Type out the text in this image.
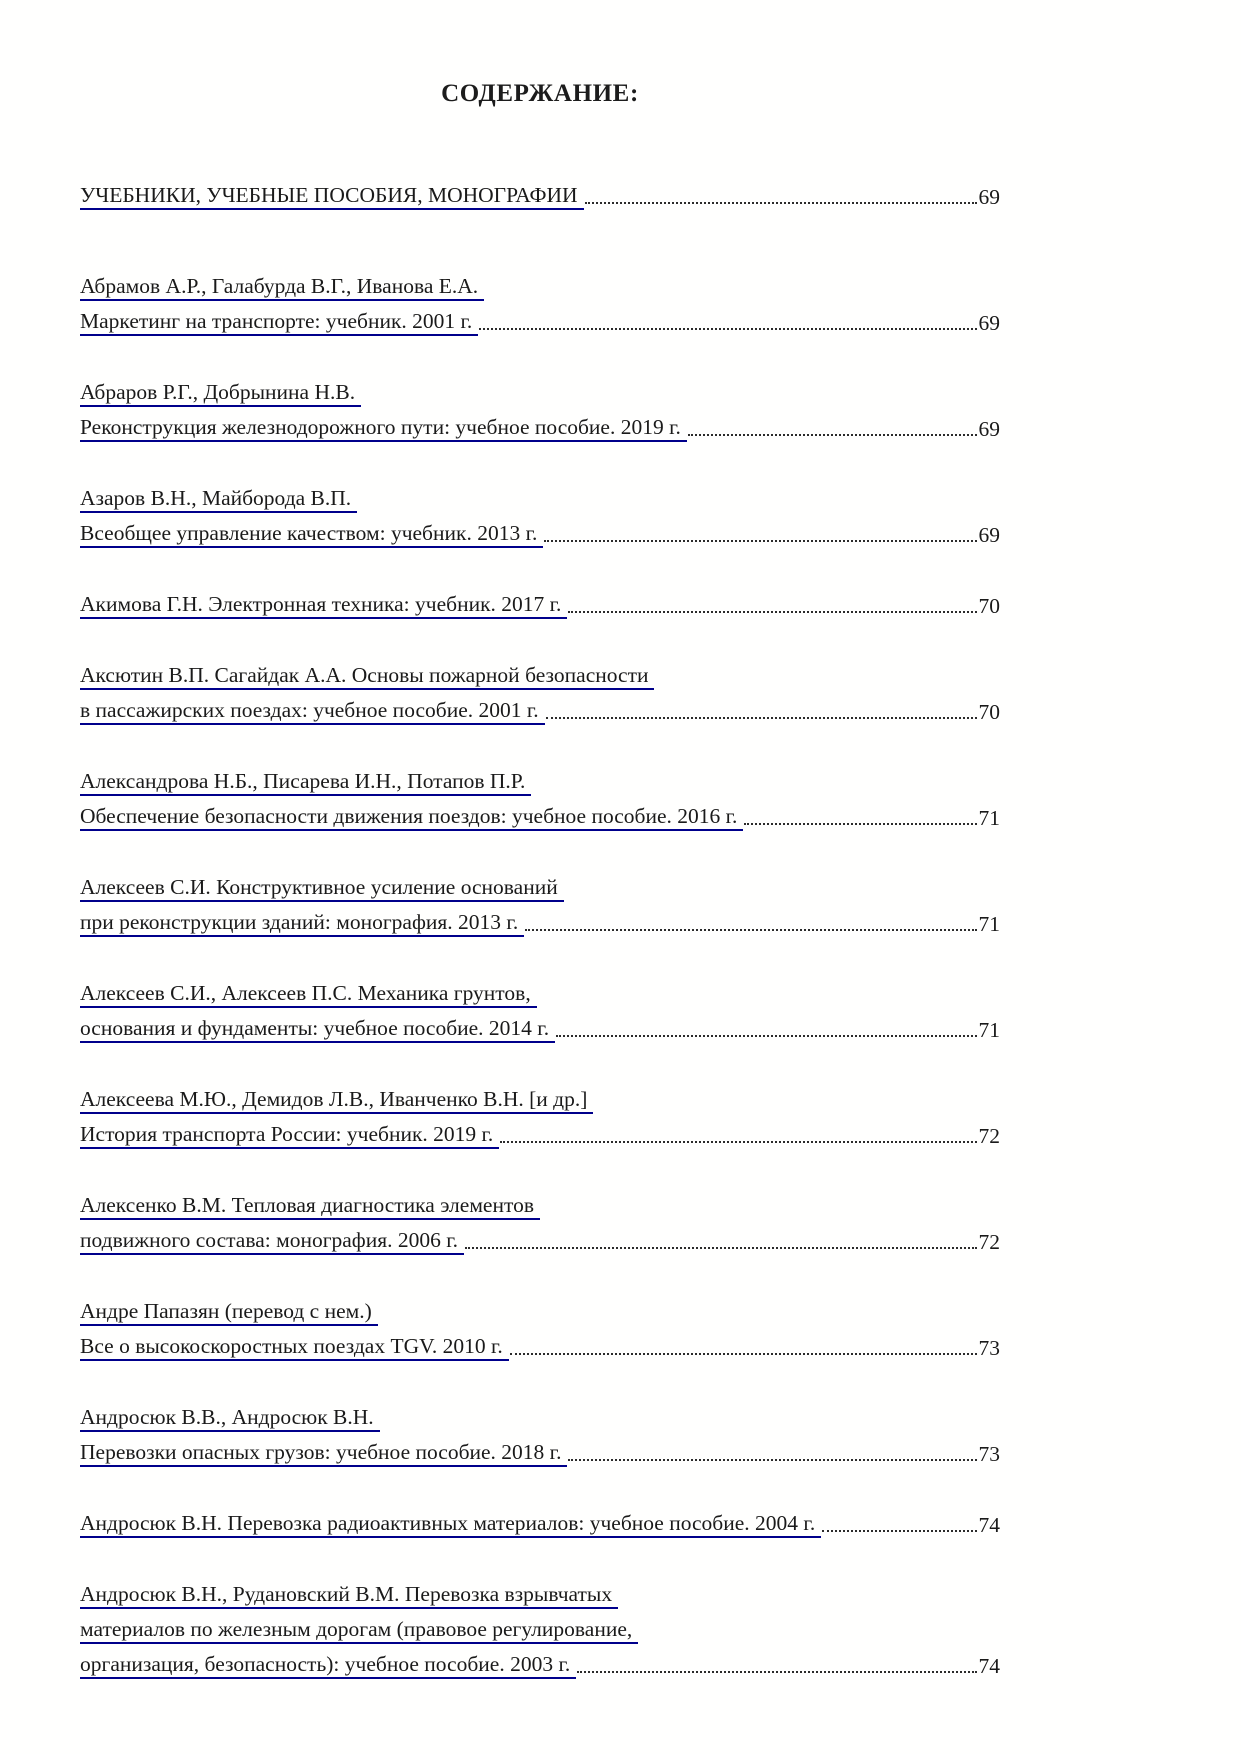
СОДЕРЖАНИЕ:
УЧЕБНИКИ, УЧЕБНЫЕ ПОСОБИЯ, МОНОГРАФИИ	69
Абрамов А.Р., Галабурда В.Г., Иванова Е.А.
Маркетинг на транспорте: учебник. 2001 г.	69
Абраров Р.Г., Добрынина Н.В.
Реконструкция железнодорожного пути: учебное пособие. 2019 г.	69
Азаров В.Н., Майборода В.П.
Всеобщее управление качеством: учебник. 2013 г.	69
Акимова Г.Н. Электронная техника: учебник. 2017 г.	70
Аксютин В.П. Сагайдак А.А. Основы пожарной безопасности
в пассажирских поездах: учебное пособие. 2001 г.	70
Александрова Н.Б., Писарева И.Н., Потапов П.Р.
Обеспечение безопасности движения поездов: учебное пособие. 2016 г.	71
Алексеев С.И. Конструктивное усиление оснований
при реконструкции зданий: монография. 2013 г.	71
Алексеев С.И., Алексеев П.С. Механика грунтов,
основания и фундаменты: учебное пособие. 2014 г.	71
Алексеева М.Ю., Демидов Л.В., Иванченко В.Н. [и др.]
История транспорта России: учебник. 2019 г.	72
Алексенко В.М. Тепловая диагностика элементов
подвижного состава: монография. 2006 г.	72
Андре Папазян (перевод с нем.)
Все о высокоскоростных поездах TGV. 2010 г.	73
Андросюк В.В., Андросюк В.Н.
Перевозки опасных грузов: учебное пособие. 2018 г.	73
Андросюк В.Н. Перевозка радиоактивных материалов: учебное пособие. 2004 г.	74
Андросюк В.Н., Рудановский В.М. Перевозка взрывчатых
материалов по железным дорогам (правовое регулирование,
организация, безопасность): учебное пособие. 2003 г.	74
